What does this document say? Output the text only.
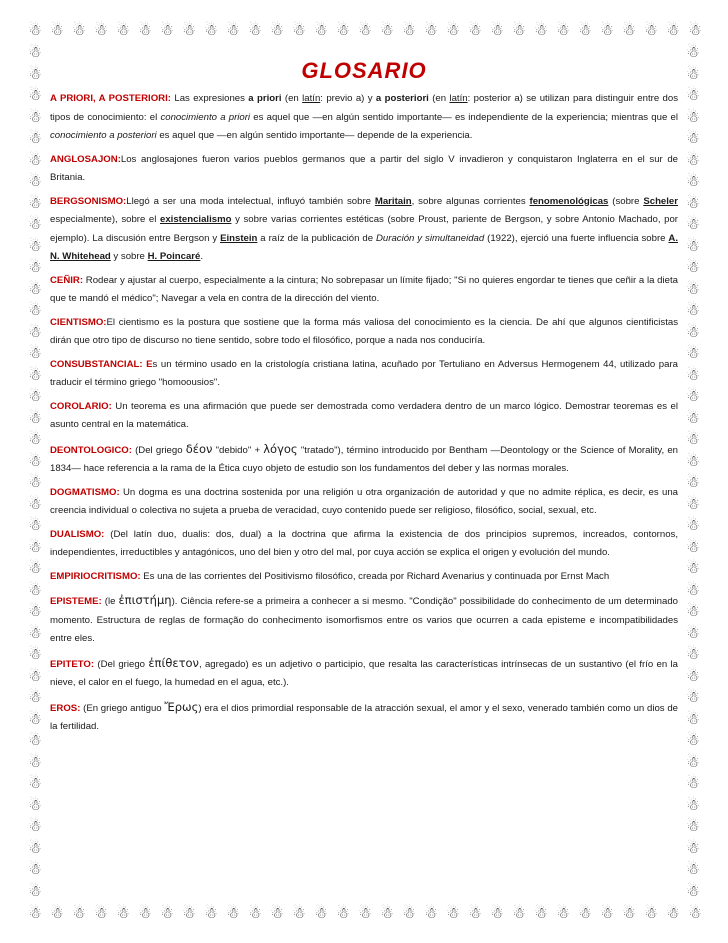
☃ ☃ ☃ ☃ ☃ ☃ ☃ ☃ ☃ ☃ ☃ ☃ ☃ ☃ ☃ ☃ ☃ ☃ ☃ ☃ ☃ ☃ ☃ ☃ ☃ ☃ ☃ ☃ ☃ ☃ ☃
☃
☃
☃
☃
☃
☃
☃
☃
☃
☃
☃
☃
☃
☃
☃
☃
☃
☃
☃
☃
☃
☃
☃
☃
☃
☃
☃
☃
☃
☃
☃
☃
☃
☃
☃
☃
☃
☃
☃
☃
☃
☃
☃
☃
☃
☃
☃
☃
☃
☃
☃
☃
☃
☃
☃
☃
☃
☃
☃
☃
☃
☃
☃
☃
☃
☃
☃
☃
☃
☃
☃
☃
☃
☃
☃
☃
☃
☃
☃
☃
☃ ☃ ☃ ☃ ☃ ☃ ☃ ☃ ☃ ☃ ☃ ☃ ☃ ☃ ☃ ☃ ☃ ☃ ☃ ☃ ☃ ☃ ☃ ☃ ☃ ☃ ☃ ☃ ☃ ☃ ☃
GLOSARIO

A PRIORI, A POSTERIORI: Las expresiones a priori (en latín: previo a) y a posteriori (en latín: posterior a) se utilizan para distinguir entre dos tipos de conocimiento: el conocimiento a priori es aquel que —en algún sentido importante— es independiente de la experiencia; mientras que el conocimiento a posteriori es aquel que —en algún sentido importante— depende de la experiencia.

ANGLOSAJON:Los anglosajones fueron varios pueblos germanos que a partir del siglo V invadieron y conquistaron Inglaterra en el sur de Britania.

BERGSONISMO:Llegó a ser una moda intelectual, influyó también sobre Maritain, sobre algunas corrientes fenomenológicas (sobre Scheler especialmente), sobre el existencialismo y sobre varias corrientes estéticas (sobre Proust, pariente de Bergson, y sobre Antonio Machado, por ejemplo). La discusión entre Bergson y Einstein a raíz de la publicación de Duración y simultaneidad (1922), ejerció una fuerte influencia sobre A. N. Whitehead y sobre H. Poincaré.

CEÑIR: Rodear y ajustar al cuerpo, especialmente a la cintura; No sobrepasar un límite fijado; "Si no quieres engordar te tienes que ceñir a la dieta que te mandó el médico"; Navegar a vela en contra de la dirección del viento.

CIENTISMO:El cientismo es la postura que sostiene que la forma más valiosa del conocimiento es la ciencia. De ahí que algunos cientificistas dirán que otro tipo de discurso no tiene sentido, sobre todo el filosófico, porque a nada nos conduciría.

CONSUBSTANCIAL: Es un término usado en la cristología cristiana latina, acuñado por Tertuliano en Adversus Hermogenem 44, utilizado para traducir el término griego "homoousios".

COROLARIO: Un teorema es una afirmación que puede ser demostrada como verdadera dentro de un marco lógico. Demostrar teoremas es el asunto central en la matemática.

DEONTOLOGICO: (Del griego δέον "debido" + λόγος "tratado"), término introducido por Bentham —Deontology or the Science of Morality, en 1834— hace referencia a la rama de la Ética cuyo objeto de estudio son los fundamentos del deber y las normas morales.

DOGMATISMO: Un dogma es una doctrina sostenida por una religión u otra organización de autoridad y que no admite réplica, es decir, es una creencia individual o colectiva no sujeta a prueba de veracidad, cuyo contenido puede ser religioso, filosófico, social, sexual, etc.

DUALISMO: (Del latín duo, dualis: dos, dual) a la doctrina que afirma la existencia de dos principios supremos, increados, contornos, independientes, irreductibles y antagónicos, uno del bien y otro del mal, por cuya acción se explica el origen y evolución del mundo.

EMPIRIOCRITISMO: Es una de las corrientes del Positivismo filosófico, creada por Richard Avenarius y continuada por Ernst Mach

EPISTEME: (le ἐπιστήμη). Ciência refere-se a primeira a conhecer a si mesmo. "Condição" possibilidade do conhecimento de um determinado momento. Estructura de reglas de formação do conhecimento isomorfismos entre os varios que ocurren a cada episteme e incompatibilidades entre eles.

EPITETO: (Del griego ἐπίθετον, agregado) es un adjetivo o participio, que resalta las características intrínsecas de un sustantivo (el frío en la nieve, el calor en el fuego, la humedad en el agua, etc.).

EROS: (En griego antiguo Ἔρως) era el dios primordial responsable de la atracción sexual, el amor y el sexo, venerado también como un dios de la fertilidad.
